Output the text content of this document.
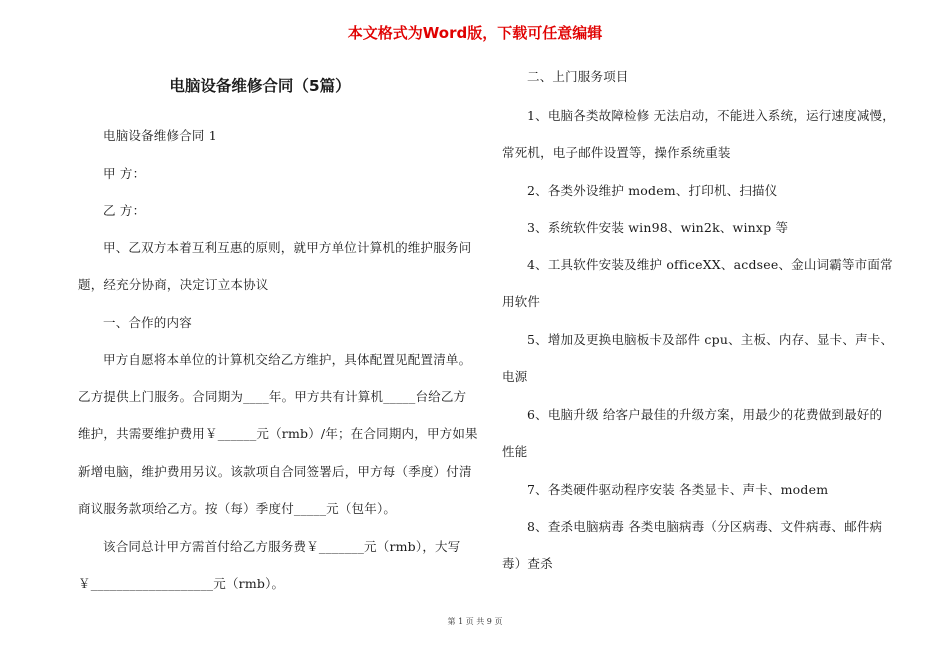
本文格式为Word版，下载可任意编辑
电脑设备维修合同（5篇）
电脑设备维修合同 1
甲 方：
乙 方：
甲、乙双方本着互利互惠的原则，就甲方单位计算机的维护服务问
题，经充分协商，决定订立本协议
一、合作的内容
甲方自愿将本单位的计算机交给乙方维护，具体配置见配置清单。
乙方提供上门服务。合同期为____年。甲方共有计算机_____台给乙方
维护，共需要维护费用￥______元（rmb）/年；在合同期内，甲方如果
新增电脑，维护费用另议。该款项自合同签署后，甲方每（季度）付清
商议服务款项给乙方。按（每）季度付_____元（包年）。
该合同总计甲方需首付给乙方服务费￥_______元（rmb），大写
￥___________________元（rmb）。
二、上门服务项目
1、电脑各类故障检修 无法启动，不能进入系统，运行速度减慢，
常死机，电子邮件设置等，操作系统重装
2、各类外设维护 modem、打印机、扫描仪
3、系统软件安装 win98、win2k、winxp 等
4、工具软件安装及维护 officeXX、acdsee、金山词霸等市面常
用软件
5、增加及更换电脑板卡及部件 cpu、主板、内存、显卡、声卡、
电源
6、电脑升级 给客户最佳的升级方案，用最少的花费做到最好的
性能
7、各类硬件驱动程序安装 各类显卡、声卡、modem
8、查杀电脑病毒 各类电脑病毒（分区病毒、文件病毒、邮件病
毒）查杀
第 1 页 共 9 页
